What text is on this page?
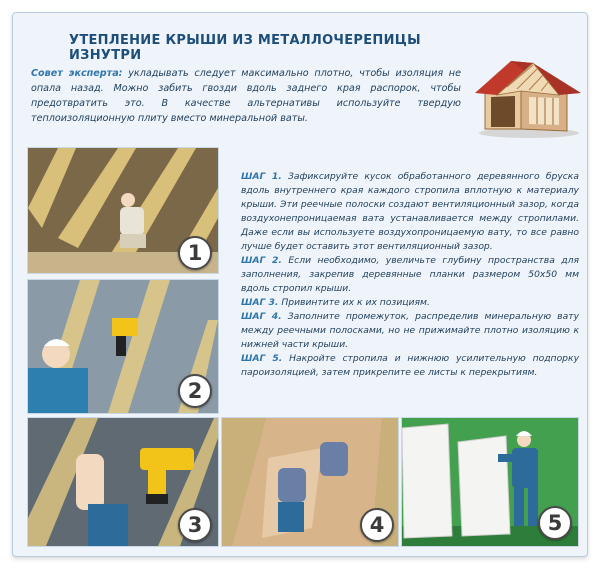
УТЕПЛЕНИЕ КРЫШИ ИЗ МЕТАЛЛОЧЕРЕПИЦЫ ИЗНУТРИ
Совет эксперта: укладывать следует максимально плотно, чтобы изоляция не опала назад. Можно забить гвозди вдоль заднего края распорок, чтобы предотвратить это. В качестве альтернативы используйте твердую теплоизоляционную плиту вместо минеральной ваты.
1
2
3	4	5

ШАГ 1. Зафиксируйте кусок обработанного деревянного бруска вдоль внутреннего края каждого стропила вплотную к материалу крыши. Эти реечные полоски создают вентиляционный зазор, когда воздухонепроницаемая вата устанавливается между стропилами. Даже если вы используете воздухопроницаемую вату, то все равно лучше будет оставить этот вентиляционный зазор.

ШАГ 2. Если необходимо, увеличьте глубину пространства для заполнения, закрепив деревянные планки размером 50х50 мм вдоль стропил крыши.

ШАГ 3. Привинтите их к их позициям.

ШАГ 4. Заполните промежуток, распределив минеральную вату между реечными полосками, но не прижимайте плотно изоляцию к нижней части крыши.

ШАГ 5. Накройте стропила и нижнюю усилительную подпорку пароизоляцией, затем прикрепите ее листы к перекрытиям.
